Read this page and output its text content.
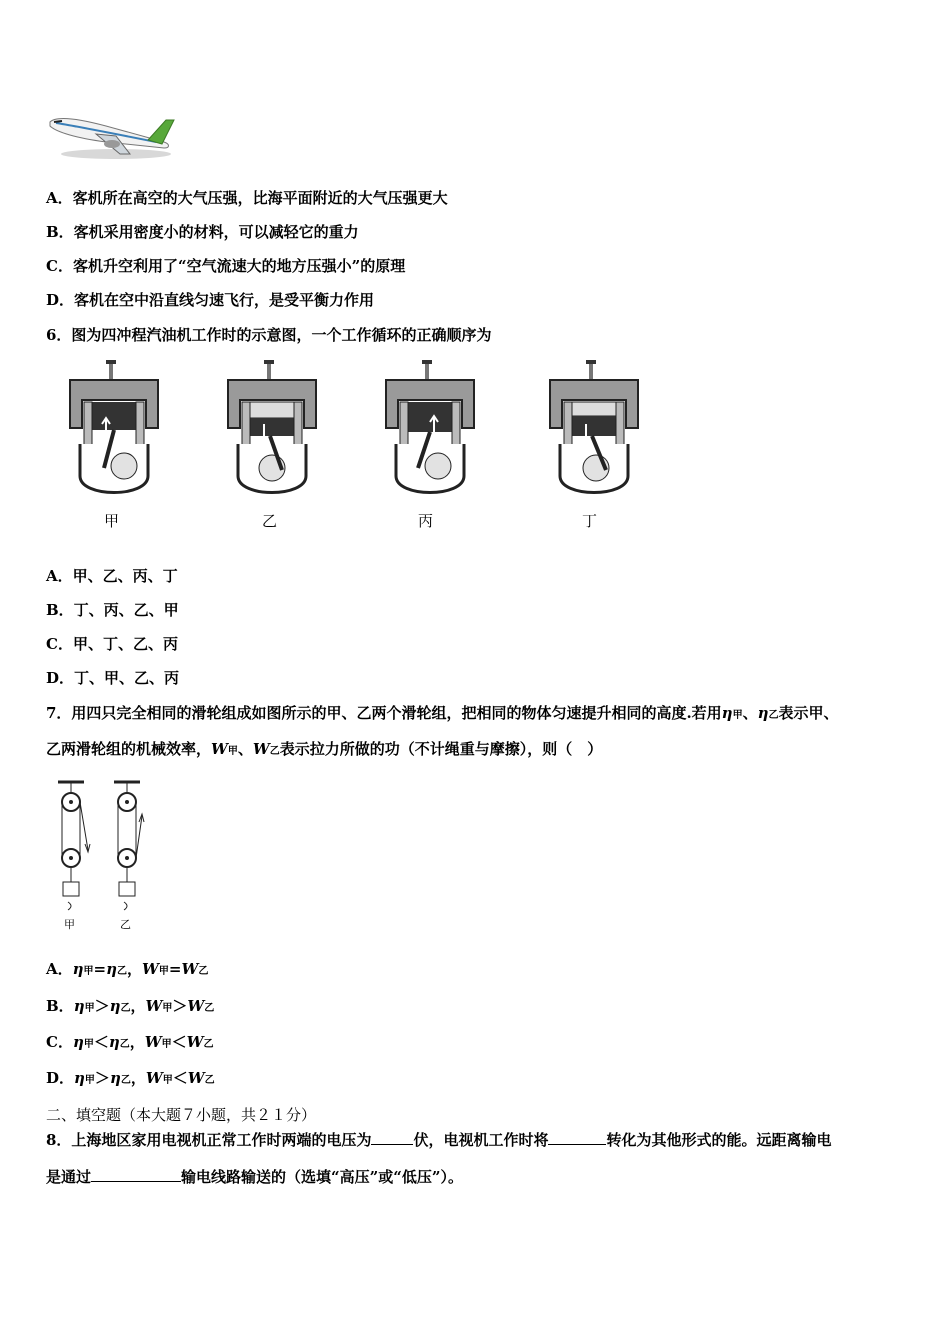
A．客机所在高空的大气压强，比海平面附近的大气压强更大
B．客机采用密度小的材料，可以减轻它的重力
C．客机升空利用了“空气流速大的地方压强小”的原理
D．客机在空中沿直线匀速飞行，是受平衡力作用
6．图为四冲程汽油机工作时的示意图，一个工作循环的正确顺序为
甲	乙	丙	丁
A．甲、乙、丙、丁
B．丁、丙、乙、甲
C．甲、丁、乙、丙
D．丁、甲、乙、丙
7．用四只完全相同的滑轮组成如图所示的甲、乙两个滑轮组，把相同的物体匀速提升相同的高度.若用η甲、η乙表示甲、
乙两滑轮组的机械效率，W甲、W乙表示拉力所做的功（不计绳重与摩擦），则（　）
甲	乙
A．η甲=η乙，W甲=W乙
B．η甲＞η乙，W甲＞W乙
C．η甲＜η乙，W甲＜W乙
D．η甲＞η乙，W甲＜W乙
二、填空题（本大题７小题，共２１分）
8．上海地区家用电视机正常工作时两端的电压为	伏，电视机工作时将	转化为其他形式的能。远距离输电
是通过	输电线路输送的（选填“高压”或“低压”）。
